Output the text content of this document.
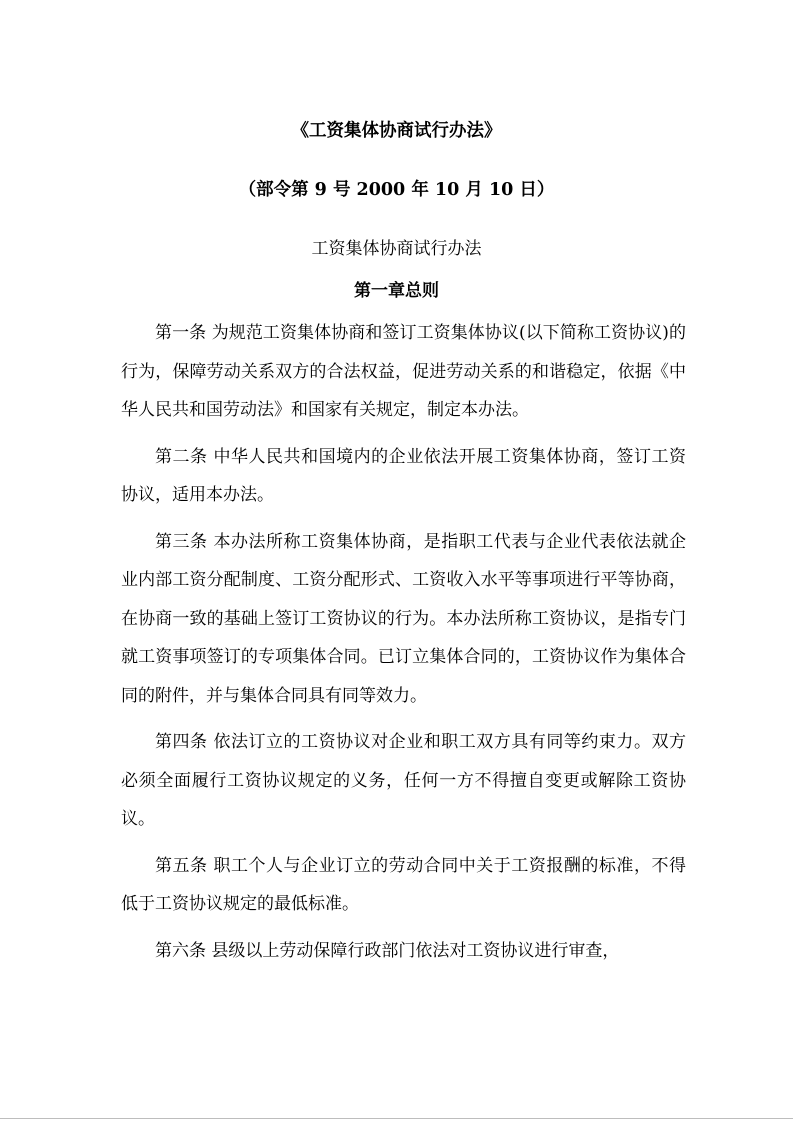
《工资集体协商试行办法》
（部令第 9 号 2000 年 10 月 10 日）
工资集体协商试行办法
第一章总则

第一条 为规范工资集体协商和签订工资集体协议(以下简称工资协议)的行为，保障劳动关系双方的合法权益，促进劳动关系的和谐稳定，依据《中华人民共和国劳动法》和国家有关规定，制定本办法。

第二条 中华人民共和国境内的企业依法开展工资集体协商，签订工资协议，适用本办法。

第三条 本办法所称工资集体协商，是指职工代表与企业代表依法就企业内部工资分配制度、工资分配形式、工资收入水平等事项进行平等协商，在协商一致的基础上签订工资协议的行为。本办法所称工资协议，是指专门就工资事项签订的专项集体合同。已订立集体合同的，工资协议作为集体合同的附件，并与集体合同具有同等效力。

第四条 依法订立的工资协议对企业和职工双方具有同等约束力。双方必须全面履行工资协议规定的义务，任何一方不得擅自变更或解除工资协议。

第五条 职工个人与企业订立的劳动合同中关于工资报酬的标准，不得低于工资协议规定的最低标准。

第六条 县级以上劳动保障行政部门依法对工资协议进行审查，
